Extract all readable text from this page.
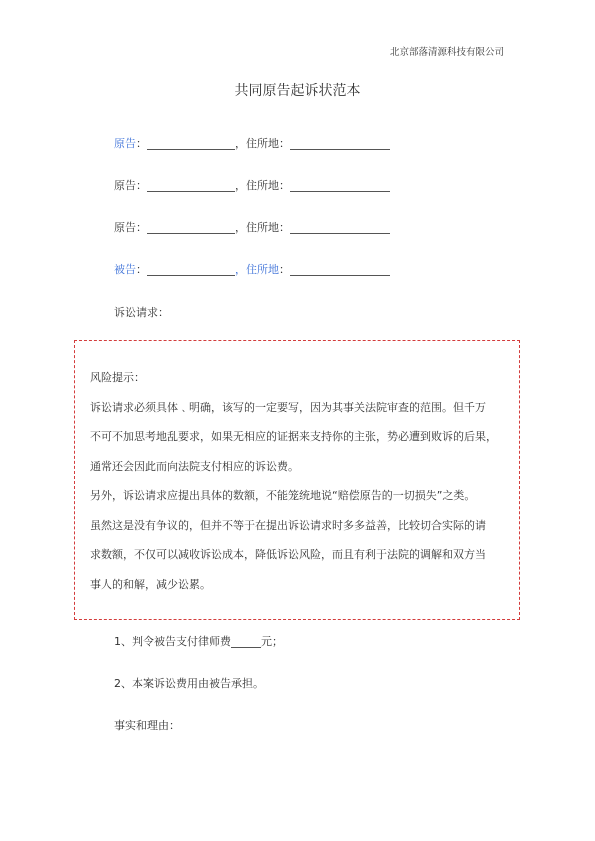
北京部落清源科技有限公司
共同原告起诉状范本
原告：	，住所地：
原告：	，住所地：
原告：	，住所地：
被告：	，住所地：
诉讼请求：

风险提示：

诉讼请求必须具体﹑明确，该写的一定要写，因为其事关法院审查的范围。但千万

不可不加思考地乱要求，如果无相应的证据来支持你的主张，势必遭到败诉的后果，

通常还会因此而向法院支付相应的诉讼费。

另外，诉讼请求应提出具体的数额，不能笼统地说“赔偿原告的一切损失”之类。

虽然这是没有争议的，但并不等于在提出诉讼请求时多多益善，比较切合实际的请

求数额，不仅可以减收诉讼成本，降低诉讼风险，而且有利于法院的调解和双方当

事人的和解，减少讼累。

1、判令被告支付律师费	元；
2、本案诉讼费用由被告承担。
事实和理由：
